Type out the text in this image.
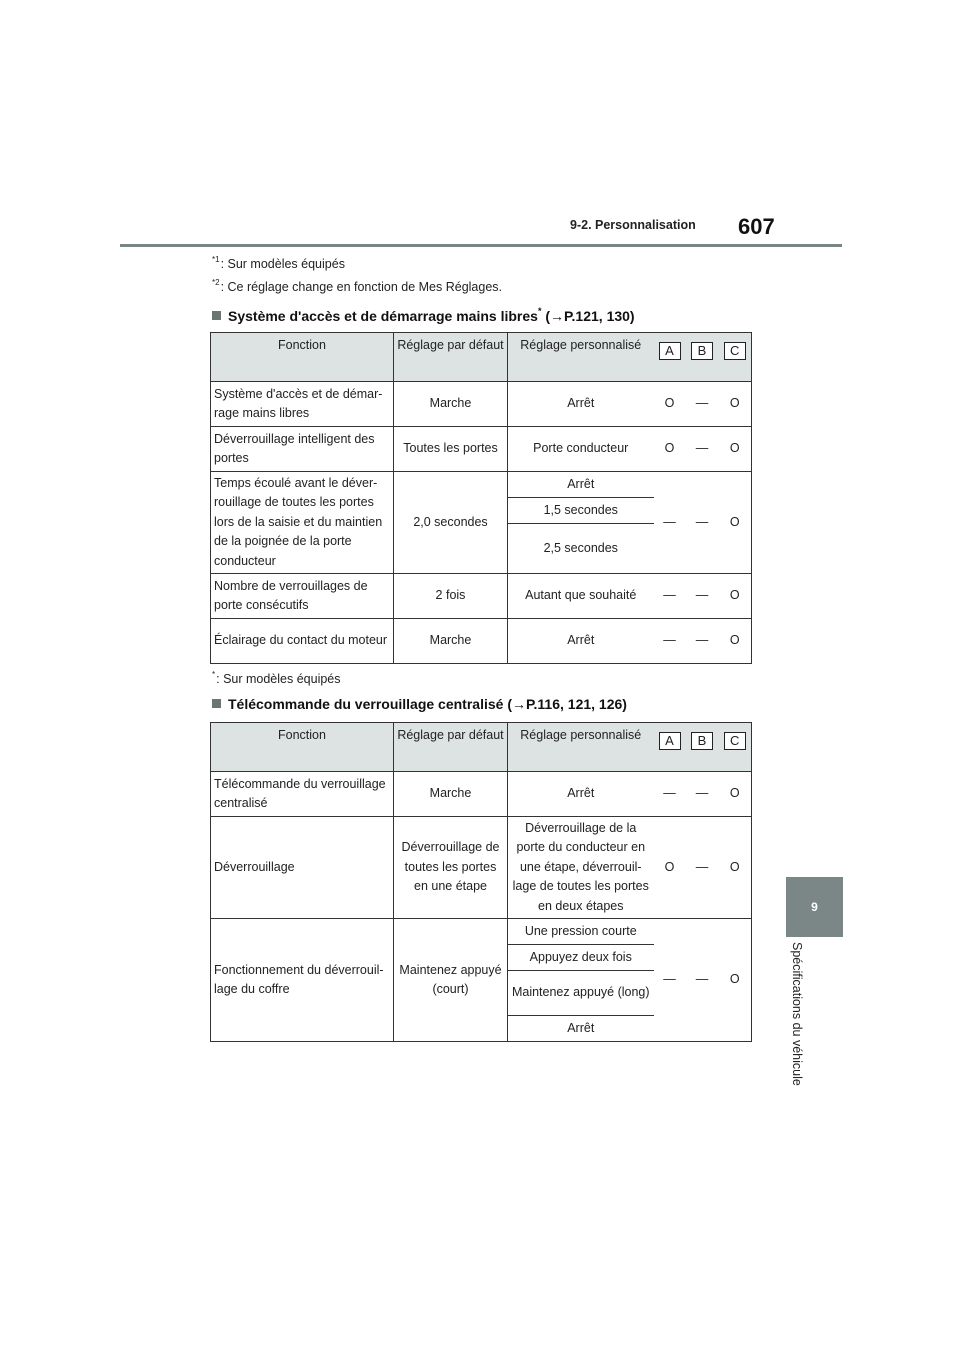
9-2. Personnalisation 607
9
Spécifications du véhicule
$^{*1}$: Sur modèles équipés
$^{*2}$: Ce réglage change en fonction de Mes Réglages.
Système d'accès et de démarrage mains libres* (→P.121, 130)
Fonction	Réglage par défaut	Réglage personnalisé	A	B	C
Système d'accès et de démar-rage mains libres	Marche	Arrêt	O	—	O
Déverrouillage intelligent des portes	Toutes les portes	Porte conducteur	O	—	O
Temps écoulé avant le déver-rouillage de toutes les portes lors de la saisie et du maintien de la poignée de la porte conducteur	2,0 secondes	Arrêt	—	—	O
		1,5 secondes			
		2,5 secondes			
Nombre de verrouillages de porte consécutifs	2 fois	Autant que souhaité	—	—	O
Éclairage du contact du moteur	Marche	Arrêt	—	—	O
*: Sur modèles équipés
Télécommande du verrouillage centralisé (→P.116, 121, 126)
Fonction	Réglage par défaut	Réglage personnalisé	A	B	C
Télécommande du verrouillage centralisé	Marche	Arrêt	—	—	O
Déverrouillage	Déverrouillage de toutes les portes en une étape	Déverrouillage de la porte du conducteur en une étape, déverrouil-lage de toutes les portes en deux étapes	O	—	O
Fonctionnement du déverrouil-lage du coffre	Maintenez appuyé (court)	Une pression courte	—	—	O
		Appuyez deux fois			
		Maintenez appuyé (long)			
		Arrêt			
